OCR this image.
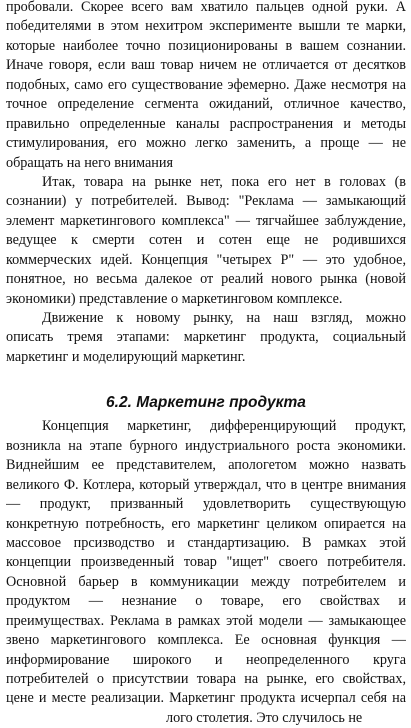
пробовали. Скорее всего вам хватило пальцев одной руки. А
победителями в этом нехитром эксперименте вышли те марки,
которые наиболее точно позиционированы в вашем сознании.
Иначе говоря, если ваш товар ничем не отличается от десятков
подобных, само его существование эфемерно. Даже несмотря на
точное определение сегмента ожиданий, отличное качество,
правильно определенные каналы распространения и методы
стимулирования, его можно легко заменить, а проще — не
обращать на него внимания
Итак, товара на рынке нет, пока его нет в головах (в
сознании) у потребителей. Вывод: "Реклама — замыкающий
элемент маркетингового комплекса" — тягчайшее заблуждение,
ведущее к смерти сотен и сотен еще не родившихся
коммерческих идей. Концепция "четырех Р" — это удобное,
понятное, но весьма далекое от реалий нового рынка (новой
экономики) представление о маркетинговом комплексе.
Движение к новому рынку, на наш взгляд, можно
описать тремя этапами: маркетинг продукта, социальный
маркетинг и моделирующий маркетинг.
6.2. Маркетинг продукта
Концепция маркетинг, дифференцирующий продукт,
возникла на этапе бурного индустриального роста экономики.
Виднейшим ее представителем, апологетом можно назвать
великого Ф. Котлера, который утверждал, что в центре внимания
— продукт, призванный удовлетворить существующую
конкретную потребность, его маркетинг целиком опирается на
массовое прсизводство и стандартизацию. В рамках этой
концепции произведенный товар "ищет" своего потребителя.
Основной барьер в коммуникации между потребителем и
продуктом — незнание о товаре, его свойствах и
преимуществах. Реклама в рамках этой модели — замыкающее
звено маркетингового комплекса. Ее основная функция —
информирование широкого и неопределенного круга
потребителей о присутствии товара на рынке, его свойствах,
цене и месте реализации. Маркетинг продукта исчерпал себя на
лого столетия. Это случилось не
